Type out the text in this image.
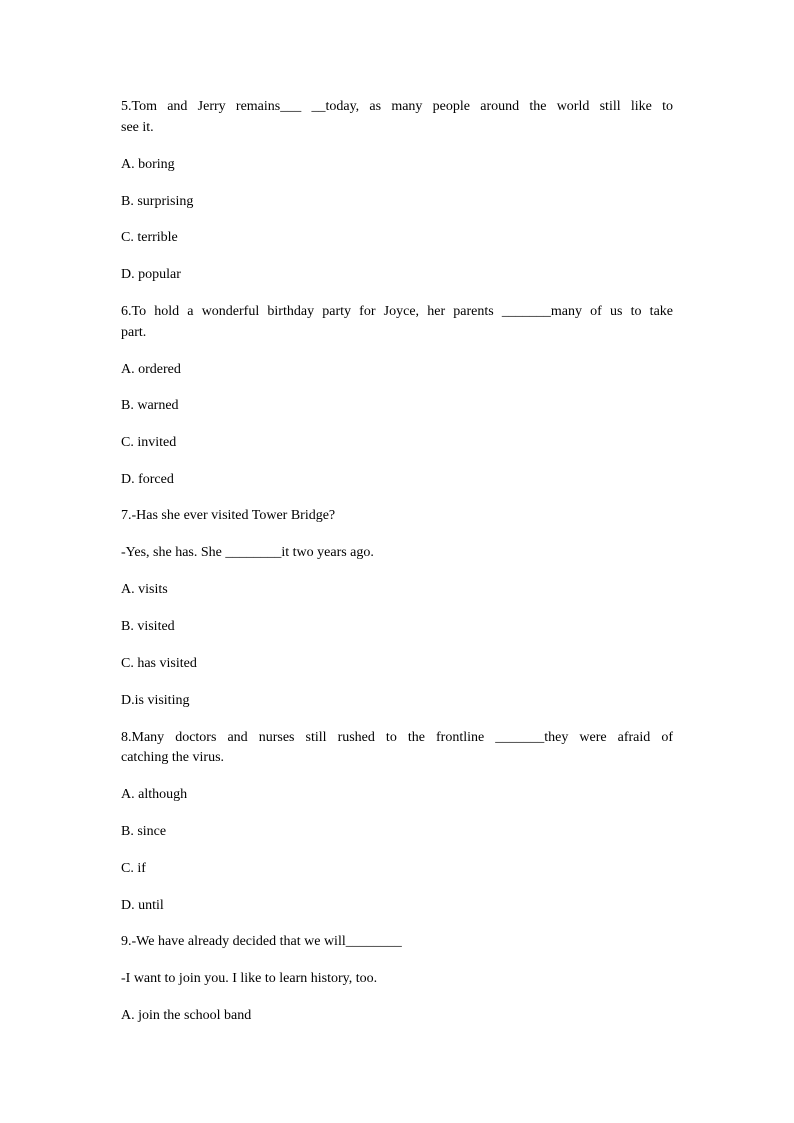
5.Tom and Jerry remains___ __today, as many people around the world still like to
see it.
A. boring
B. surprising
C. terrible
D. popular
6.To hold a wonderful birthday party for Joyce, her parents _______many of us to take
part.
A. ordered
B. warned
C. invited
D. forced
7.-Has she ever visited Tower Bridge?
-Yes, she has. She ________it two years ago.
A. visits
B. visited
C. has visited
D.is visiting
8.Many doctors and nurses still rushed to the frontline _______they were afraid of
catching the virus.
A. although
B. since
C. if
D. until
9.-We have already decided that we will________
-I want to join you. I like to learn history, too.
A. join the school band
